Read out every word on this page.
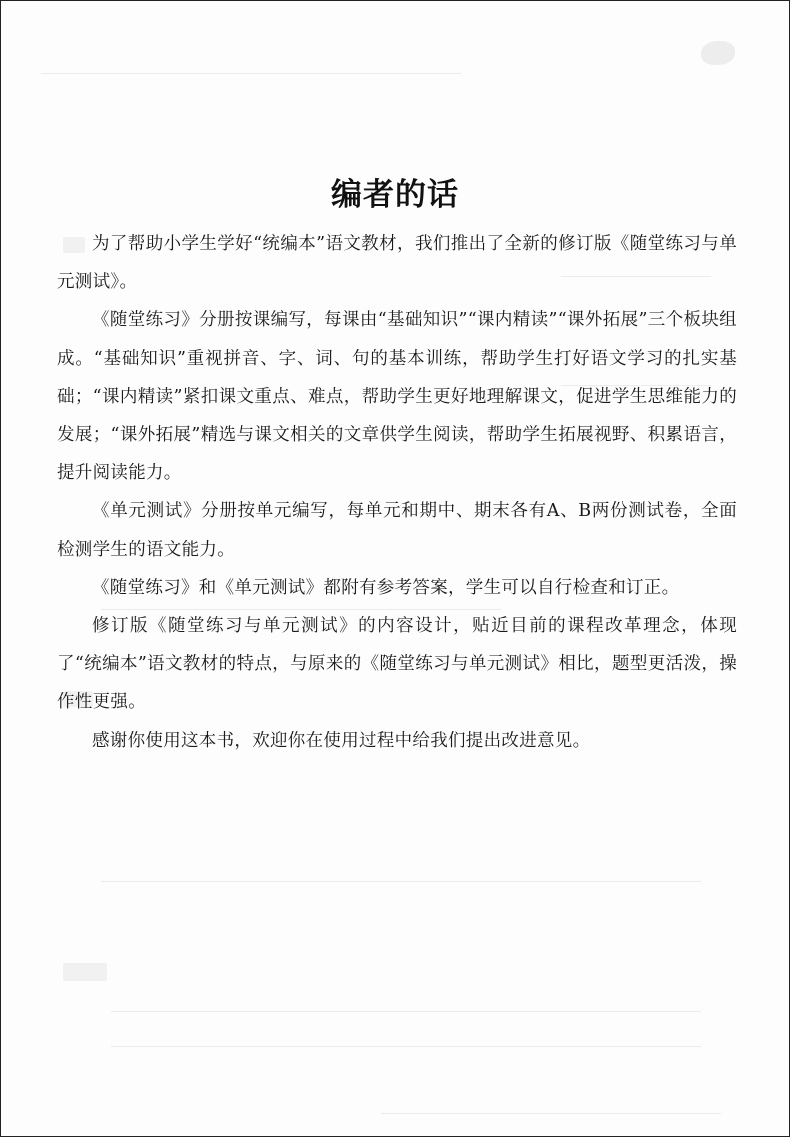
编者的话

为了帮助小学生学好“统编本”语文教材，我们推出了全新的修订版《随堂练习与单元测试》。

《随堂练习》分册按课编写，每课由“基础知识”“课内精读”“课外拓展”三个板块组成。“基础知识”重视拼音、字、词、句的基本训练，帮助学生打好语文学习的扎实基础；“课内精读”紧扣课文重点、难点，帮助学生更好地理解课文，促进学生思维能力的发展；“课外拓展”精选与课文相关的文章供学生阅读，帮助学生拓展视野、积累语言，提升阅读能力。

《单元测试》分册按单元编写，每单元和期中、期末各有A、B两份测试卷，全面检测学生的语文能力。

《随堂练习》和《单元测试》都附有参考答案，学生可以自行检查和订正。

修订版《随堂练习与单元测试》的内容设计，贴近目前的课程改革理念，体现了“统编本”语文教材的特点，与原来的《随堂练习与单元测试》相比，题型更活泼，操作性更强。

感谢你使用这本书，欢迎你在使用过程中给我们提出改进意见。
